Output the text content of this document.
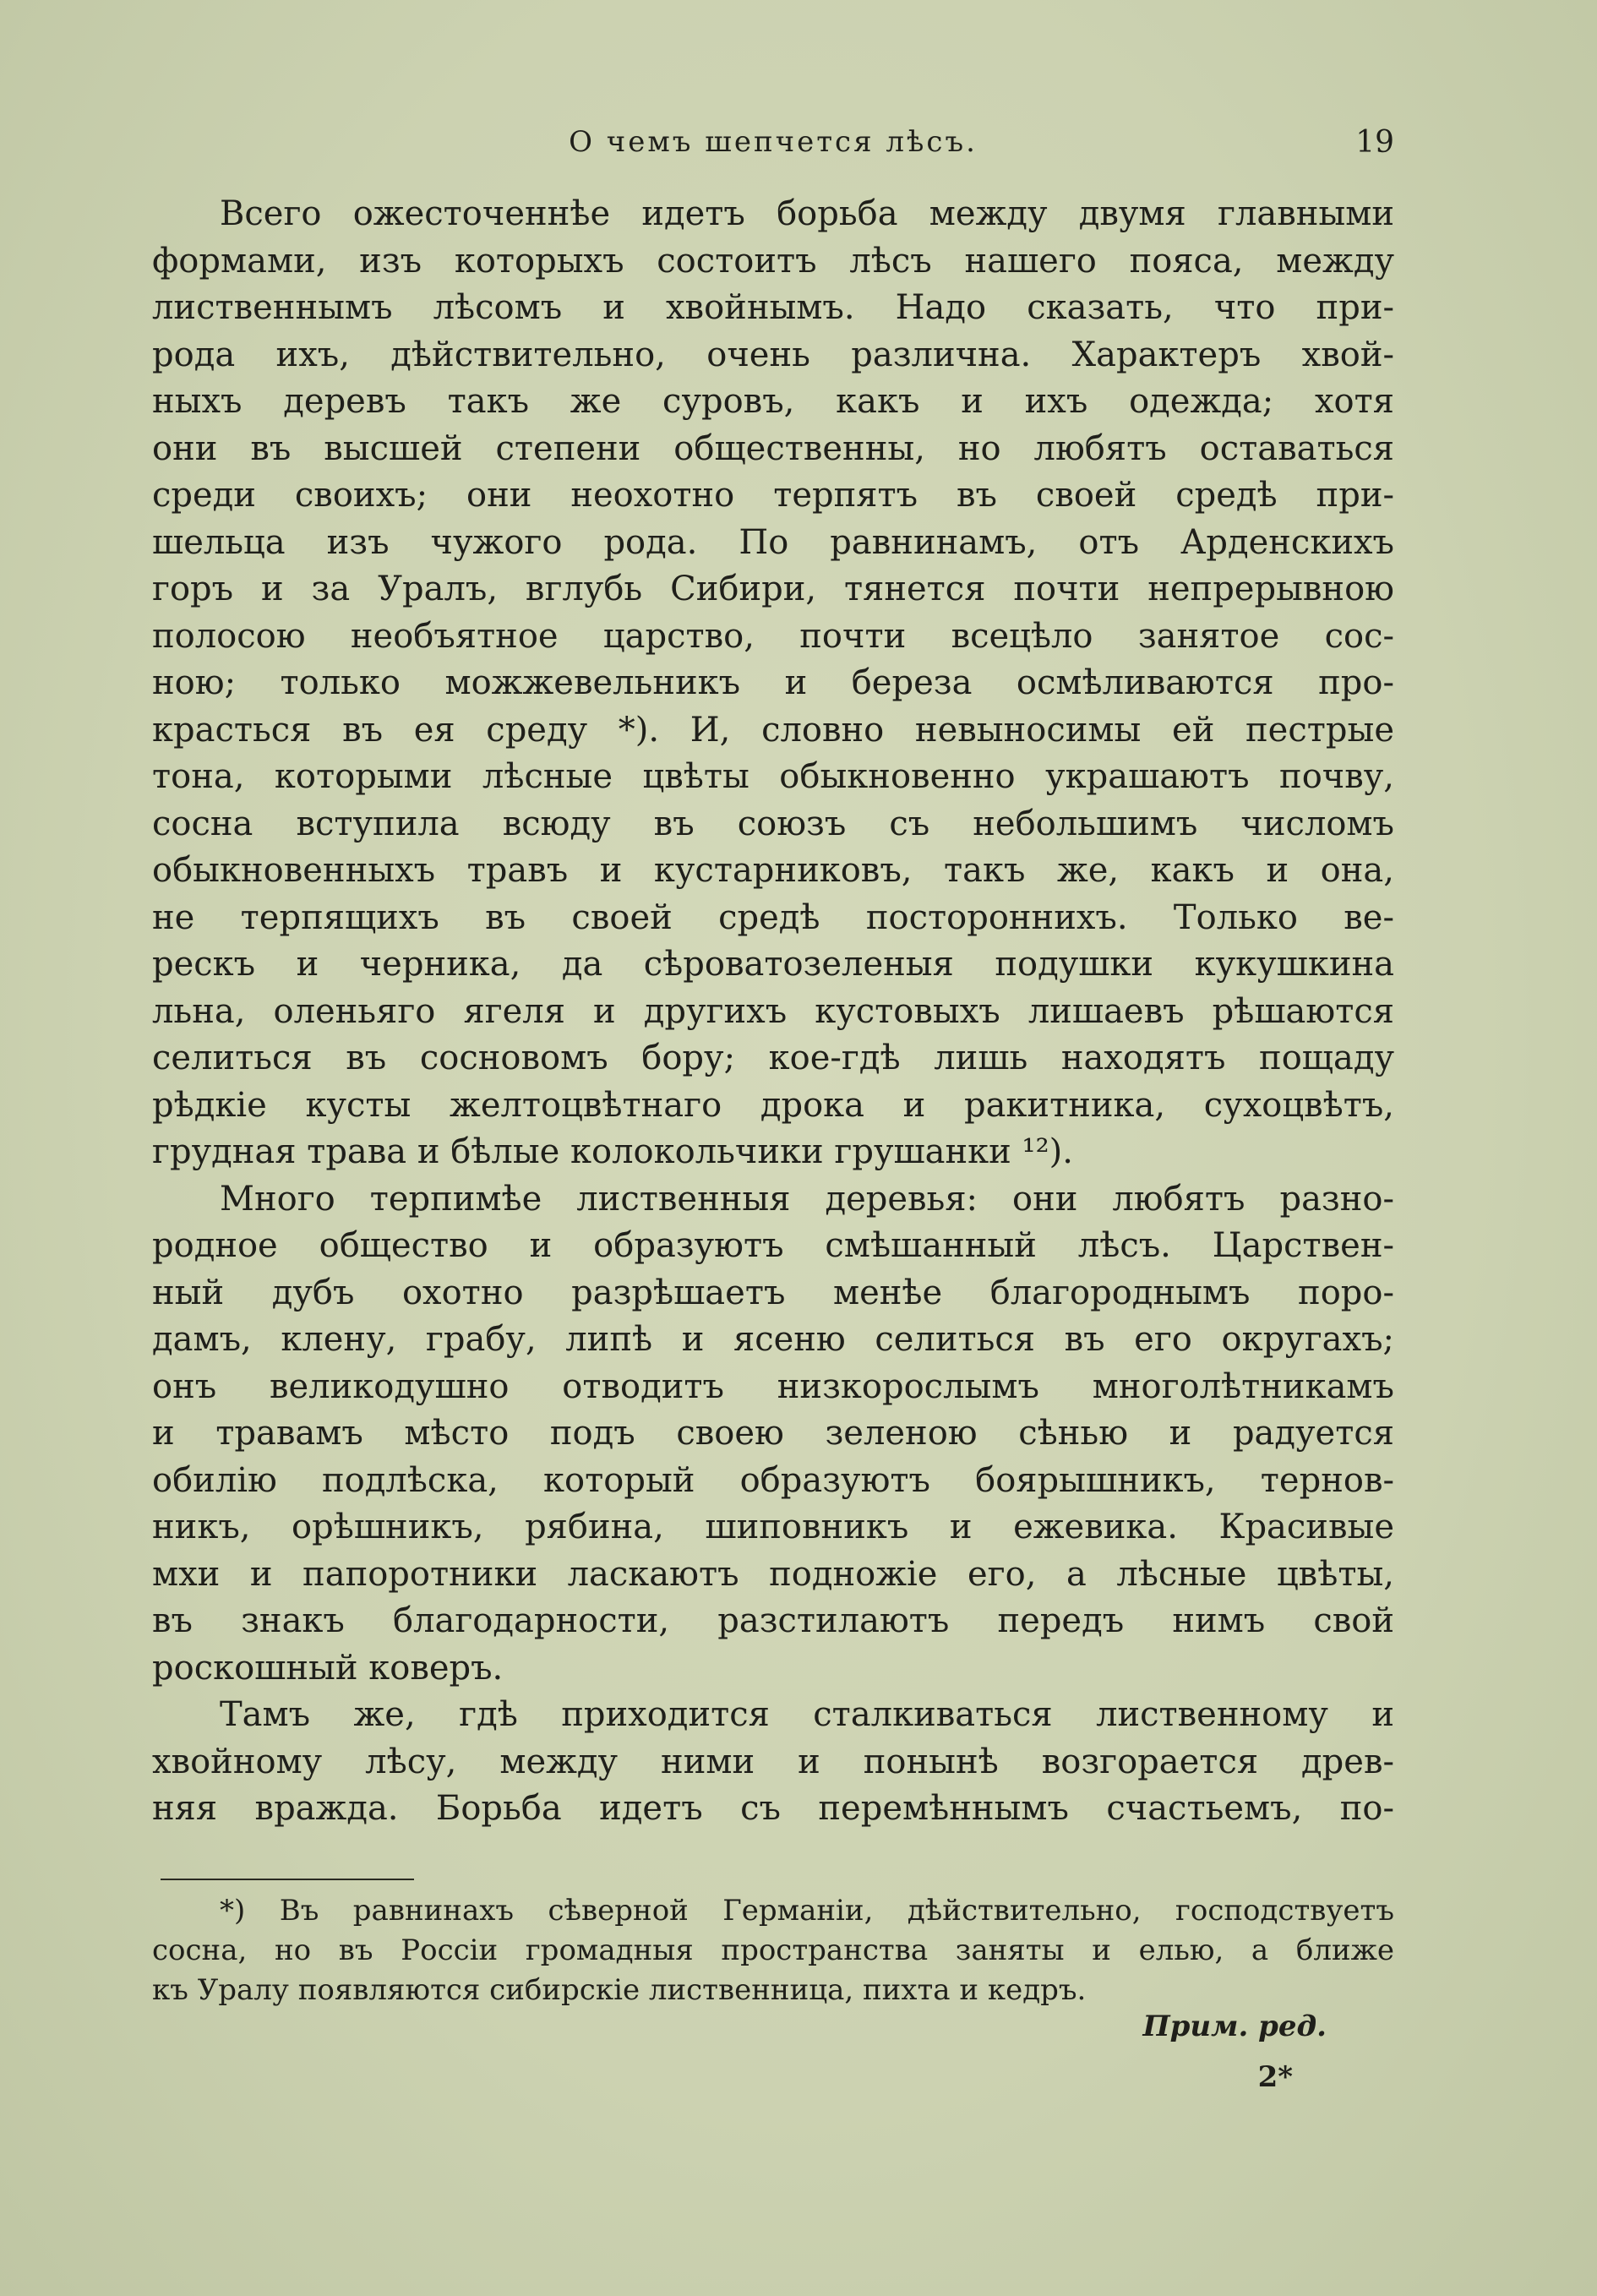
О чемъ шепчется лѣсъ.	19
Всего ожесточеннѣе идетъ борьба между двумя главными
формами, изъ которыхъ состоитъ лѣсъ нашего пояса, между
лиственнымъ лѣсомъ и хвойнымъ. Надо сказать, что при-
рода ихъ, дѣйствительно, очень различна. Характеръ хвой-
ныхъ деревъ такъ же суровъ, какъ и ихъ одежда; хотя
они въ высшей степени общественны, но любятъ оставаться
среди своихъ; они неохотно терпятъ въ своей средѣ при-
шельца изъ чужого рода. По равнинамъ, отъ Арденскихъ
горъ и за Уралъ, вглубь Сибири, тянется почти непрерывною
полосою необъятное царство, почти всецѣло занятое сос-
ною; только можжевельникъ и береза осмѣливаются про-
красться въ ея среду *). И, словно невыносимы ей пестрые
тона, которыми лѣсные цвѣты обыкновенно украшаютъ почву,
сосна вступила всюду въ союзъ съ небольшимъ числомъ
обыкновенныхъ травъ и кустарниковъ, такъ же, какъ и она,
не терпящихъ въ своей средѣ постороннихъ. Только ве-
рескъ и черника, да сѣроватозеленыя подушки кукушкина
льна, оленьяго ягеля и другихъ кустовыхъ лишаевъ рѣшаются
селиться въ сосновомъ бору; кое-гдѣ лишь находятъ пощаду
рѣдкіе кусты желтоцвѣтнаго дрока и ракитника, сухоцвѣтъ,
грудная трава и бѣлые колокольчики грушанки ¹²).
Много терпимѣе лиственныя деревья: они любятъ разно-
родное общество и образуютъ смѣшанный лѣсъ. Царствен-
ный дубъ охотно разрѣшаетъ менѣе благороднымъ поро-
дамъ, клену, грабу, липѣ и ясеню селиться въ его округахъ;
онъ великодушно отводитъ низкорослымъ многолѣтникамъ
и травамъ мѣсто подъ своею зеленою сѣнью и радуется
обилію подлѣска, который образуютъ боярышникъ, тернов-
никъ, орѣшникъ, рябина, шиповникъ и ежевика. Красивые
мхи и папоротники ласкаютъ подножіе его, а лѣсные цвѣты,
въ знакъ благодарности, разстилаютъ передъ нимъ свой
роскошный коверъ.
Тамъ же, гдѣ приходится сталкиваться лиственному и
хвойному лѣсу, между ними и понынѣ возгорается древ-
няя вражда. Борьба идетъ съ перемѣннымъ счастьемъ, по-
*) Въ равнинахъ сѣверной Германіи, дѣйствительно, господствуетъ
сосна, но въ Россіи громадныя пространства заняты и елью, а ближе
къ Уралу появляются сибирскіе лиственница, пихта и кедръ.
Прим. ред.
2*
